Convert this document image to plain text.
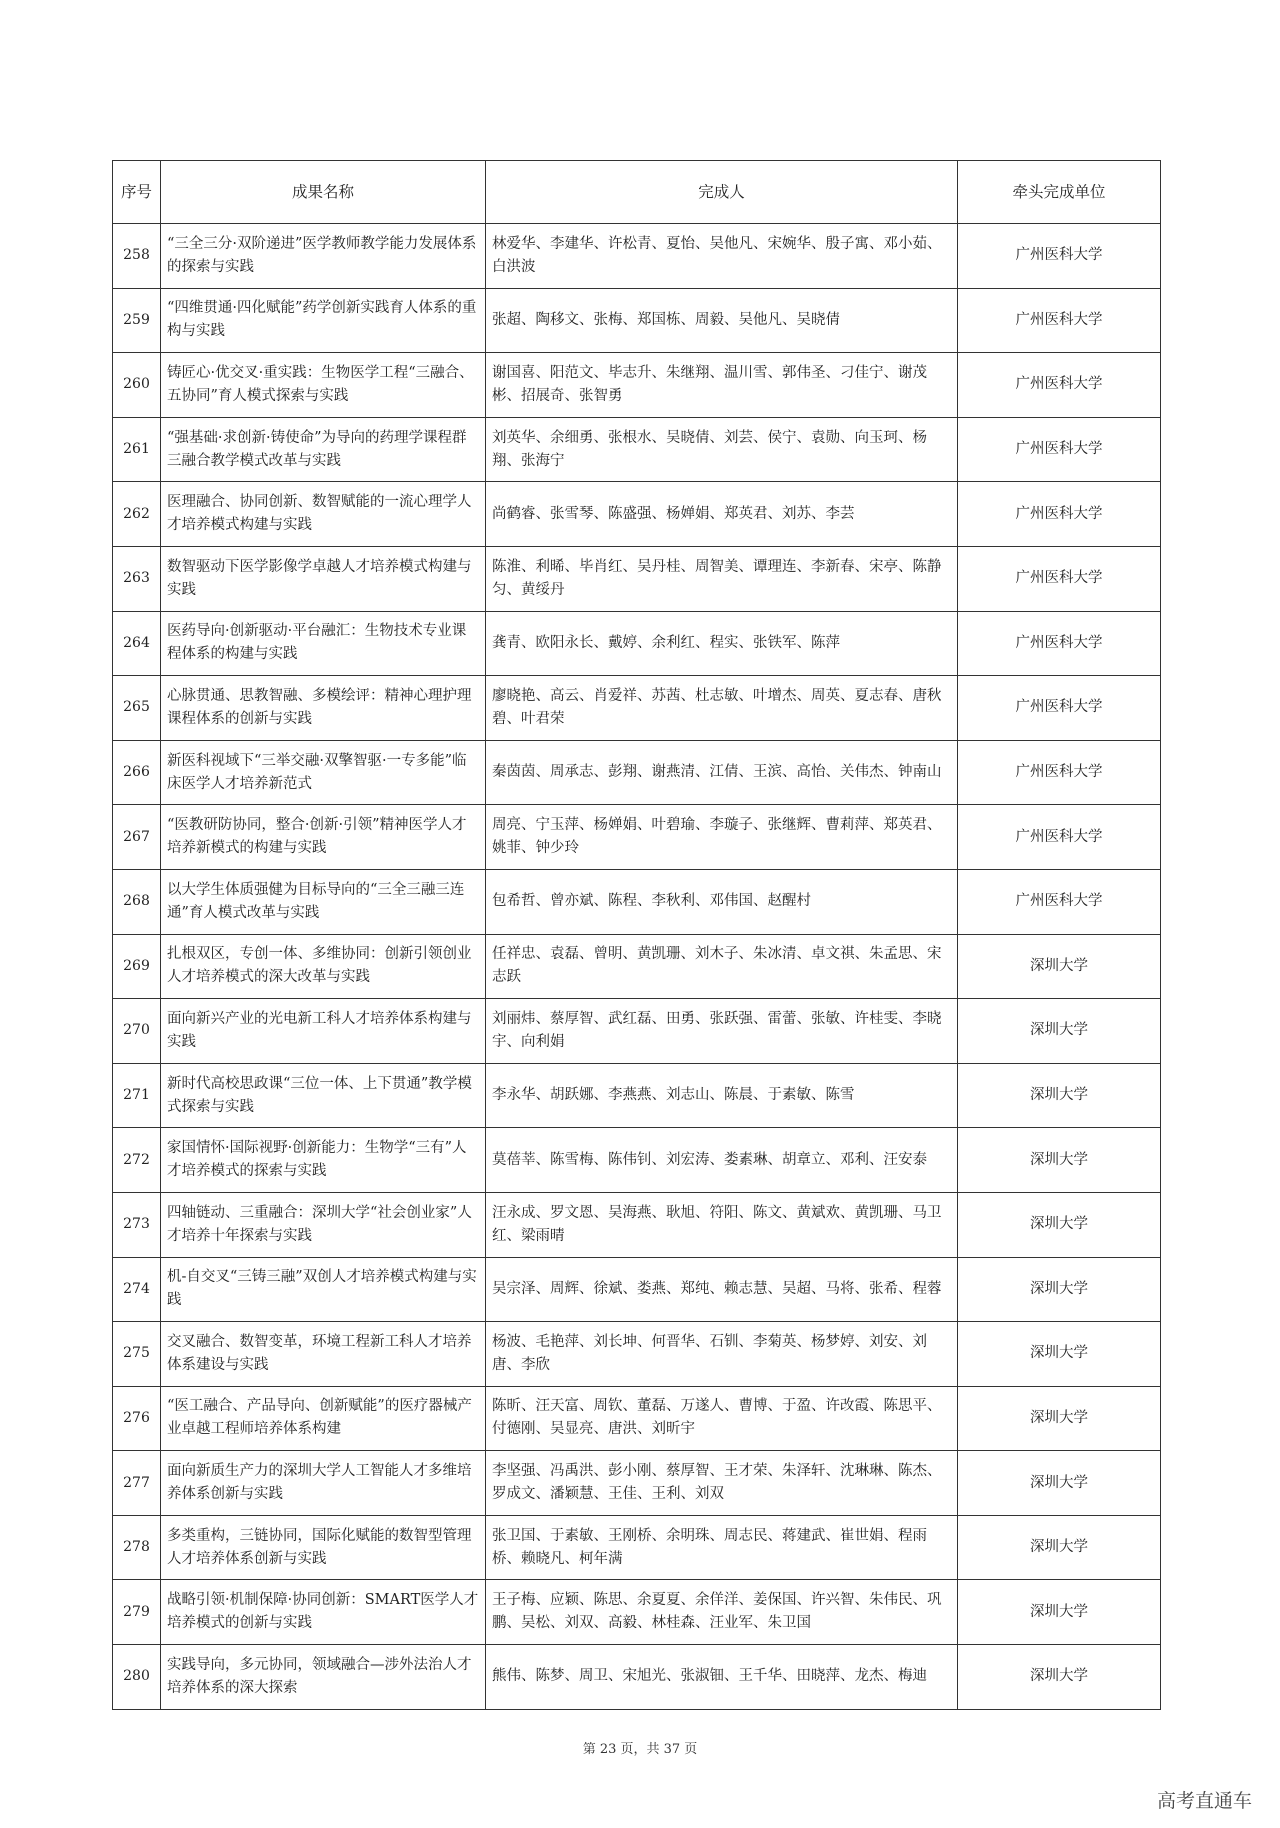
序号	成果名称	完成人	牵头完成单位
258	“三全三分·双阶递进”医学教师教学能力发展体系的探索与实践	林爱华、李建华、许松青、夏怡、吴他凡、宋婉华、殷子寓、邓小茹、白洪波	广州医科大学
259	“四维贯通·四化赋能”药学创新实践育人体系的重构与实践	张超、陶移文、张梅、郑国栋、周毅、吴他凡、吴晓倩	广州医科大学
260	铸匠心·优交叉·重实践：生物医学工程“三融合、五协同”育人模式探索与实践	谢国喜、阳范文、毕志升、朱继翔、温川雪、郭伟圣、刁佳宁、谢茂彬、招展奇、张智勇	广州医科大学
261	“强基础·求创新·铸使命”为导向的药理学课程群三融合教学模式改革与实践	刘英华、余细勇、张根水、吴晓倩、刘芸、侯宁、袁勋、向玉珂、杨翔、张海宁	广州医科大学
262	医理融合、协同创新、数智赋能的一流心理学人才培养模式构建与实践	尚鹤睿、张雪琴、陈盛强、杨婵娟、郑英君、刘苏、李芸	广州医科大学
263	数智驱动下医学影像学卓越人才培养模式构建与实践	陈淮、利晞、毕肖红、吴丹桂、周智美、谭理连、李新春、宋亭、陈静匀、黄绥丹	广州医科大学
264	医药导向·创新驱动·平台融汇：生物技术专业课程体系的构建与实践	龚青、欧阳永长、戴婷、余利红、程实、张铁军、陈萍	广州医科大学
265	心脉贯通、思教智融、多模绘评：精神心理护理课程体系的创新与实践	廖晓艳、高云、肖爱祥、苏茜、杜志敏、叶增杰、周英、夏志春、唐秋碧、叶君荣	广州医科大学
266	新医科视域下“三举交融·双擎智驱·一专多能”临床医学人才培养新范式	秦茵茵、周承志、彭翔、谢燕清、江倩、王滨、高怡、关伟杰、钟南山	广州医科大学
267	“医教研防协同，整合·创新·引领”精神医学人才培养新模式的构建与实践	周亮、宁玉萍、杨婵娟、叶碧瑜、李璇子、张继辉、曹莉萍、郑英君、姚菲、钟少玲	广州医科大学
268	以大学生体质强健为目标导向的“三全三融三连通”育人模式改革与实践	包希哲、曾亦斌、陈程、李秋利、邓伟国、赵醒村	广州医科大学
269	扎根双区，专创一体、多维协同：创新引领创业人才培养模式的深大改革与实践	任祥忠、袁磊、曾明、黄凯珊、刘木子、朱冰清、卓文祺、朱孟思、宋志跃	深圳大学
270	面向新兴产业的光电新工科人才培养体系构建与实践	刘丽炜、蔡厚智、武红磊、田勇、张跃强、雷蕾、张敏、许桂雯、李晓宇、向利娟	深圳大学
271	新时代高校思政课“三位一体、上下贯通”教学模式探索与实践	李永华、胡跃娜、李燕燕、刘志山、陈晨、于素敏、陈雪	深圳大学
272	家国情怀·国际视野·创新能力：生物学“三有”人才培养模式的探索与实践	莫蓓莘、陈雪梅、陈伟钊、刘宏涛、娄素琳、胡章立、邓利、汪安泰	深圳大学
273	四轴链动、三重融合：深圳大学“社会创业家”人才培养十年探索与实践	汪永成、罗文恩、吴海燕、耿旭、符阳、陈文、黄斌欢、黄凯珊、马卫红、梁雨晴	深圳大学
274	机-自交叉“三铸三融”双创人才培养模式构建与实践	吴宗泽、周辉、徐斌、娄燕、郑纯、赖志慧、吴超、马将、张希、程蓉	深圳大学
275	交叉融合、数智变革，环境工程新工科人才培养体系建设与实践	杨波、毛艳萍、刘长坤、何晋华、石钏、李菊英、杨梦婷、刘安、刘唐、李欣	深圳大学
276	“医工融合、产品导向、创新赋能”的医疗器械产业卓越工程师培养体系构建	陈昕、汪天富、周钦、董磊、万遂人、曹博、于盈、许改霞、陈思平、付德刚、吴显亮、唐洪、刘昕宇	深圳大学
277	面向新质生产力的深圳大学人工智能人才多维培养体系创新与实践	李坚强、冯禹洪、彭小刚、蔡厚智、王才荣、朱泽轩、沈琳琳、陈杰、罗成文、潘颖慧、王佳、王利、刘双	深圳大学
278	多类重构，三链协同，国际化赋能的数智型管理人才培养体系创新与实践	张卫国、于素敏、王刚桥、余明珠、周志民、蒋建武、崔世娟、程雨桥、赖晓凡、柯年满	深圳大学
279	战略引领·机制保障·协同创新：SMART医学人才培养模式的创新与实践	王子梅、应颖、陈思、余夏夏、余佯洋、姜保国、许兴智、朱伟民、巩鹏、吴松、刘双、高毅、林桂森、汪业军、朱卫国	深圳大学
280	实践导向，多元协同，领域融合—涉外法治人才培养体系的深大探索	熊伟、陈梦、周卫、宋旭光、张淑钿、王千华、田晓萍、龙杰、梅迪	深圳大学
第 23 页，共 37 页
高考直通车
